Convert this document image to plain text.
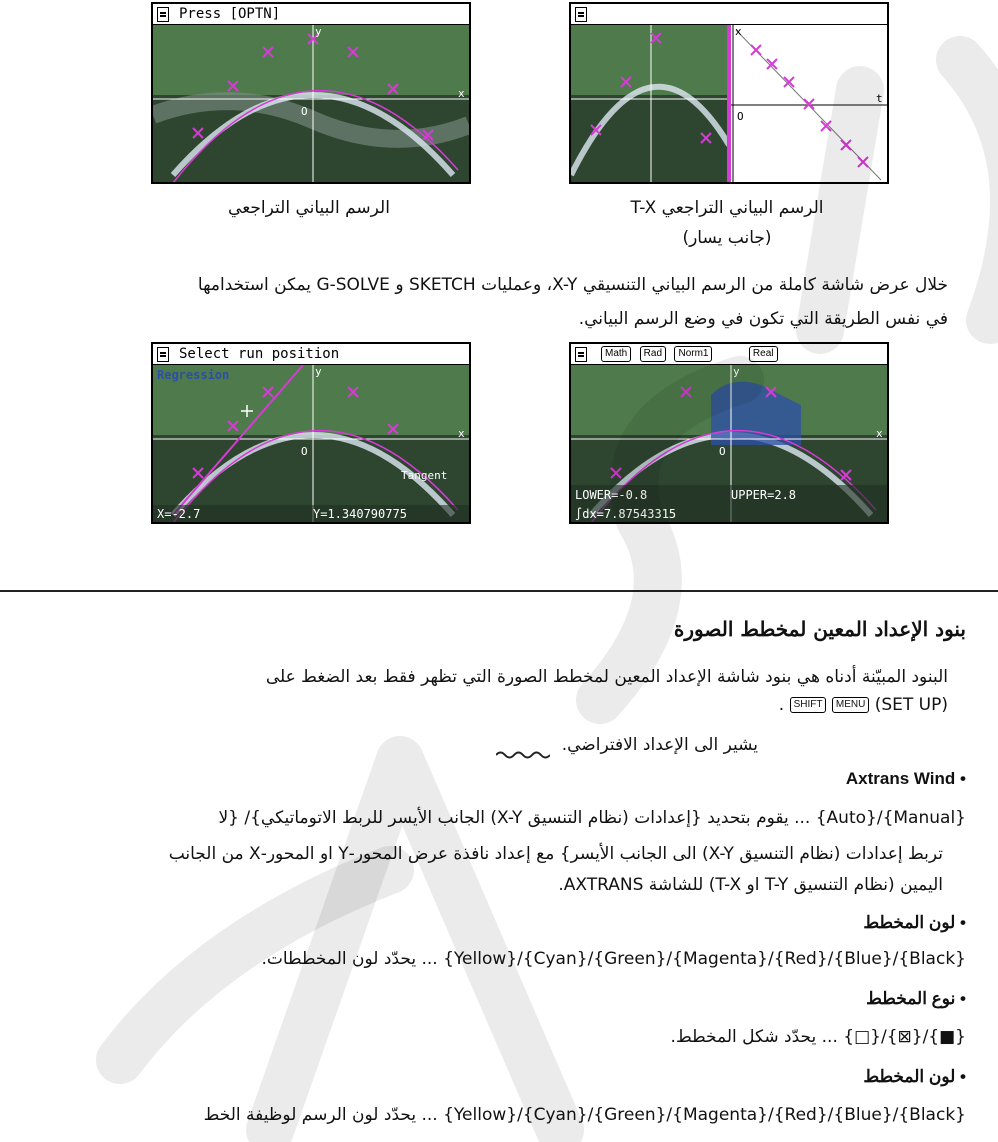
Press [OPTN]
y
x
O
x
t
O
الرسم البياني التراجعي	الرسم البياني التراجعي T-X
(جانب يسار)
خلال عرض شاشة كاملة من الرسم البياني التنسيقي X-Y، وعمليات SKETCH و G-SOLVE يمكن استخدامها
في نفس الطريقة التي تكون في وضع الرسم البياني.
Select run position
Regression
Tangent
y
x
O
X=-2.7	Y=1.340790775
Math Rad Norm1	Real
y
x
O
LOWER=-0.8	UPPER=2.8
∫dx=7.87543315
بنود الإعداد المعين لمخطط الصورة
البنود المبيّنة أدناه هي بنود شاشة الإعداد المعين لمخطط الصورة التي تظهر فقط بعد الضغط على
(SET UP) MENU SHIFT .
يشير الى الإعداد الافتراضي.
• Axtrans Wind
{Manual}/{Auto} ... يقوم بتحديد {إعدادات (نظام التنسيق X-Y) الجانب الأيسر للربط الاتوماتيكي}/ {لا
تربط إعدادات (نظام التنسيق X-Y) الى الجانب الأيسر} مع إعداد نافذة عرض المحور-Y او المحور-X من الجانب
اليمين (نظام التنسيق T-Y او T-X) للشاشة AXTRANS.
• لون المخطط
{Black}/{Blue}/{Red}/{Magenta}/{Green}/{Cyan}/{Yellow} ... يحدّد لون المخططات.
• نوع المخطط
{■}/{⊠}/{□} ... يحدّد شكل المخطط.
• لون المخطط
{Black}/{Blue}/{Red}/{Magenta}/{Green}/{Cyan}/{Yellow} ... يحدّد لون الرسم لوظيفة الخط
